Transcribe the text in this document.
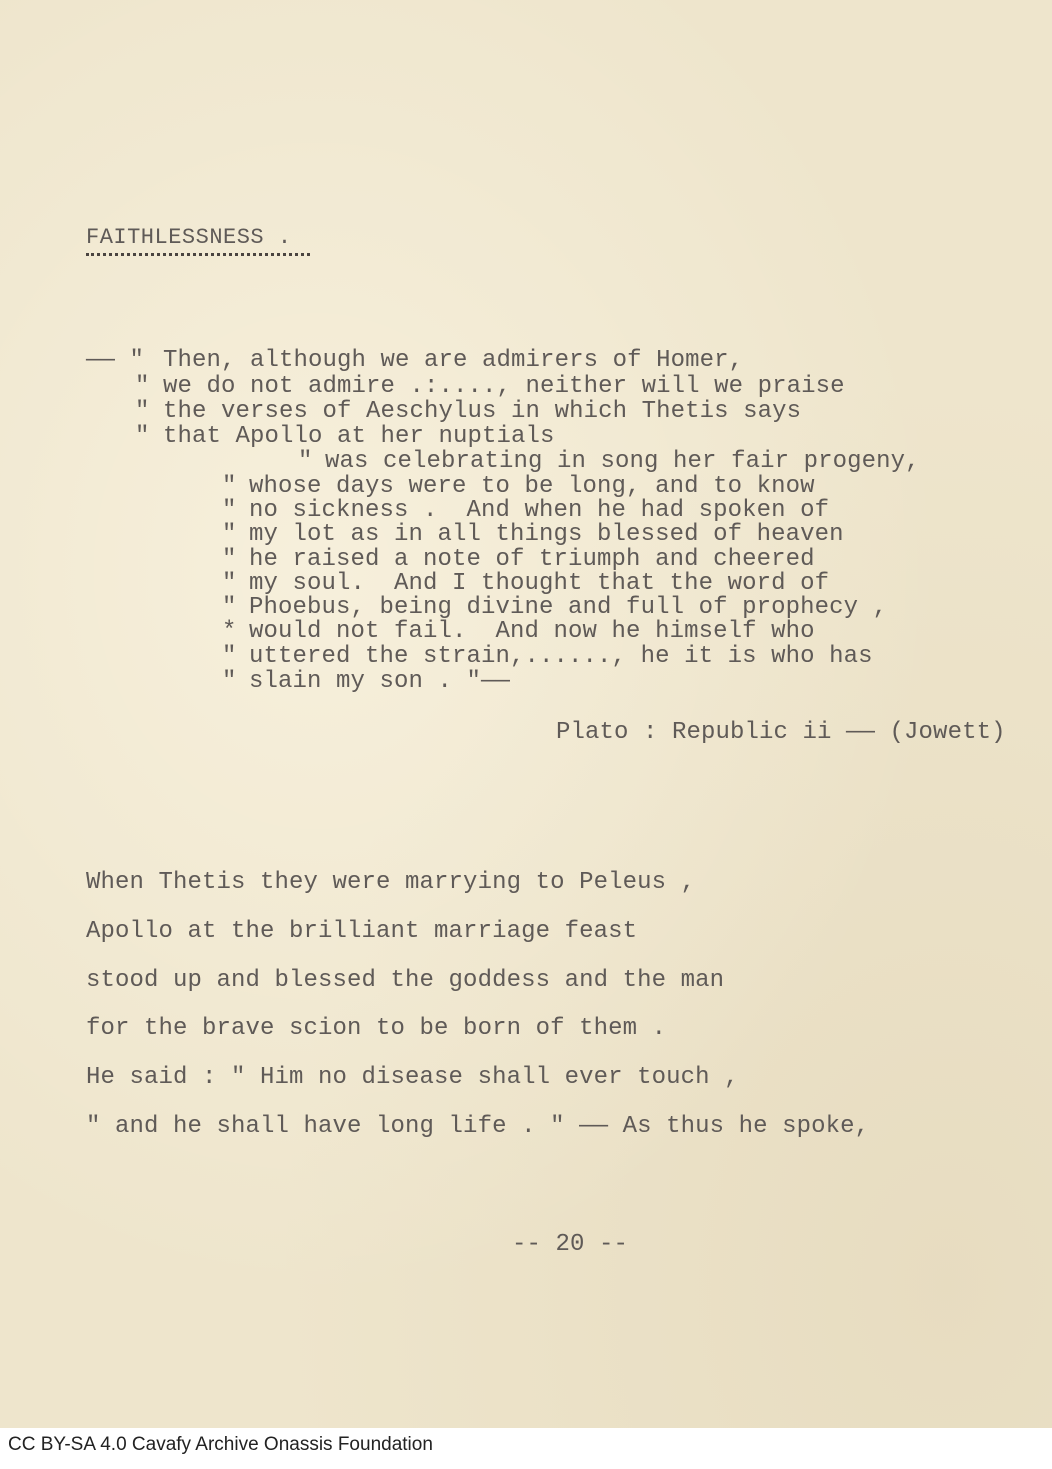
FAITHLESSNESS .
—— " Then, although we are admirers of Homer,
" we do not admire .:...., neither will we praise
" the verses of Aeschylus in which Thetis says
" that Apollo at her nuptials
" was celebrating in song her fair progeny,
" whose days were to be long, and to know
" no sickness .  And when he had spoken of
" my lot as in all things blessed of heaven
" he raised a note of triumph and cheered
" my soul.  And I thought that the word of
" Phoebus, being divine and full of prophecy ,
* would not fail.  And now he himself who
" uttered the strain,......, he it is who has
" slain my son . "——
Plato : Republic ii —— (Jowett)
When Thetis they were marrying to Peleus ,
Apollo at the brilliant marriage feast
stood up and blessed the goddess and the man
for the brave scion to be born of them .
He said : " Him no disease shall ever touch ,
" and he shall have long life . " —— As thus he spoke,
-- 20 --
CC BY-SA 4.0 Cavafy Archive Onassis Foundation
